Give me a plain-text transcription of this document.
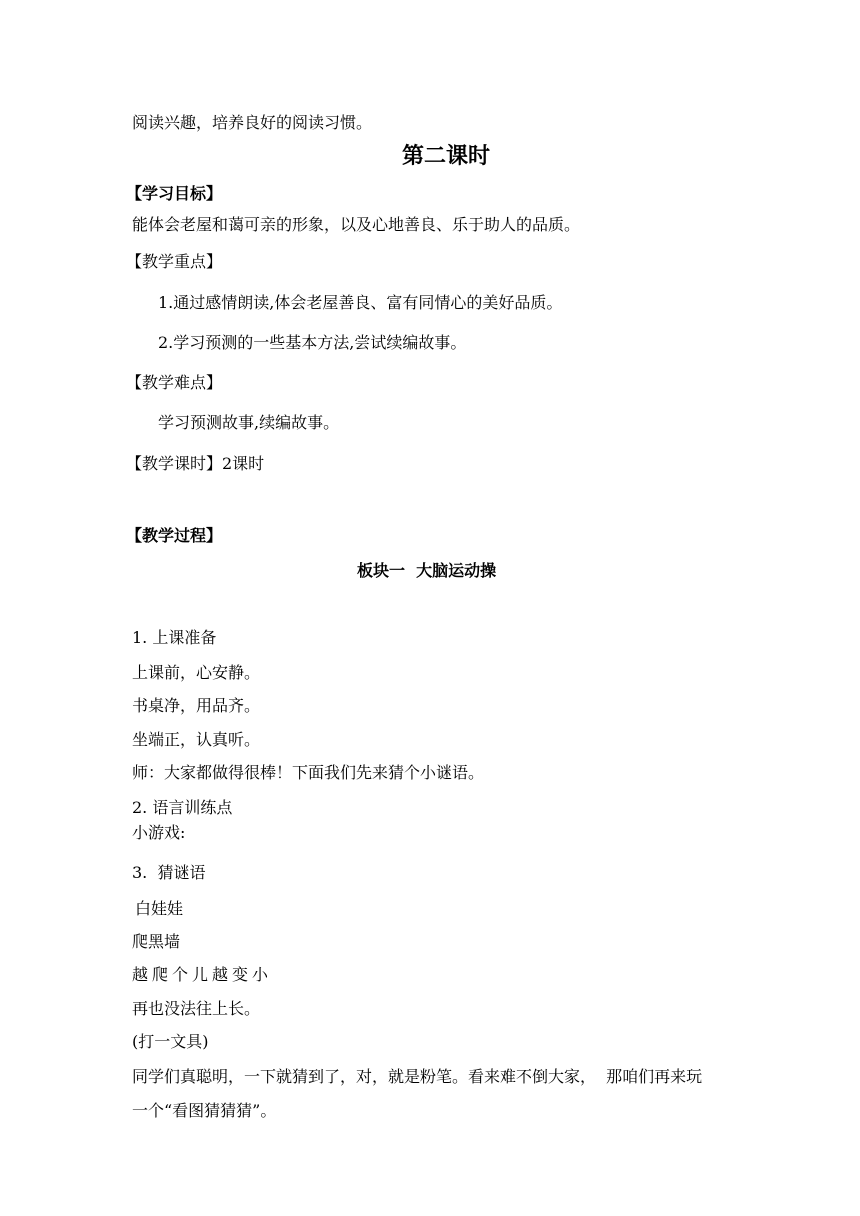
阅读兴趣，培养良好的阅读习惯。
第二课时
【学习目标】
能体会老屋和蔼可亲的形象，以及心地善良、乐于助人的品质。
【教学重点】
1.通过感情朗读,体会老屋善良、富有同情心的美好品质。
2.学习预测的一些基本方法,尝试续编故事。
【教学难点】
学习预测故事,续编故事。
【教学课时】2课时
【教学过程】
板块一  大脑运动操
1. 上课准备
上课前，心安静。
书桌净，用品齐。
坐端正，认真听。
师：大家都做得很棒！下面我们先来猜个小谜语。
2. 语言训练点
小游戏:
3.  猜谜语
白娃娃
爬黑墙
越爬个儿越变小
再也没法往上长。
(打一文具)
同学们真聪明，一下就猜到了，对，就是粉笔。看来难不倒大家，  那咱们再来玩
一个“看图猜猜猜”。
